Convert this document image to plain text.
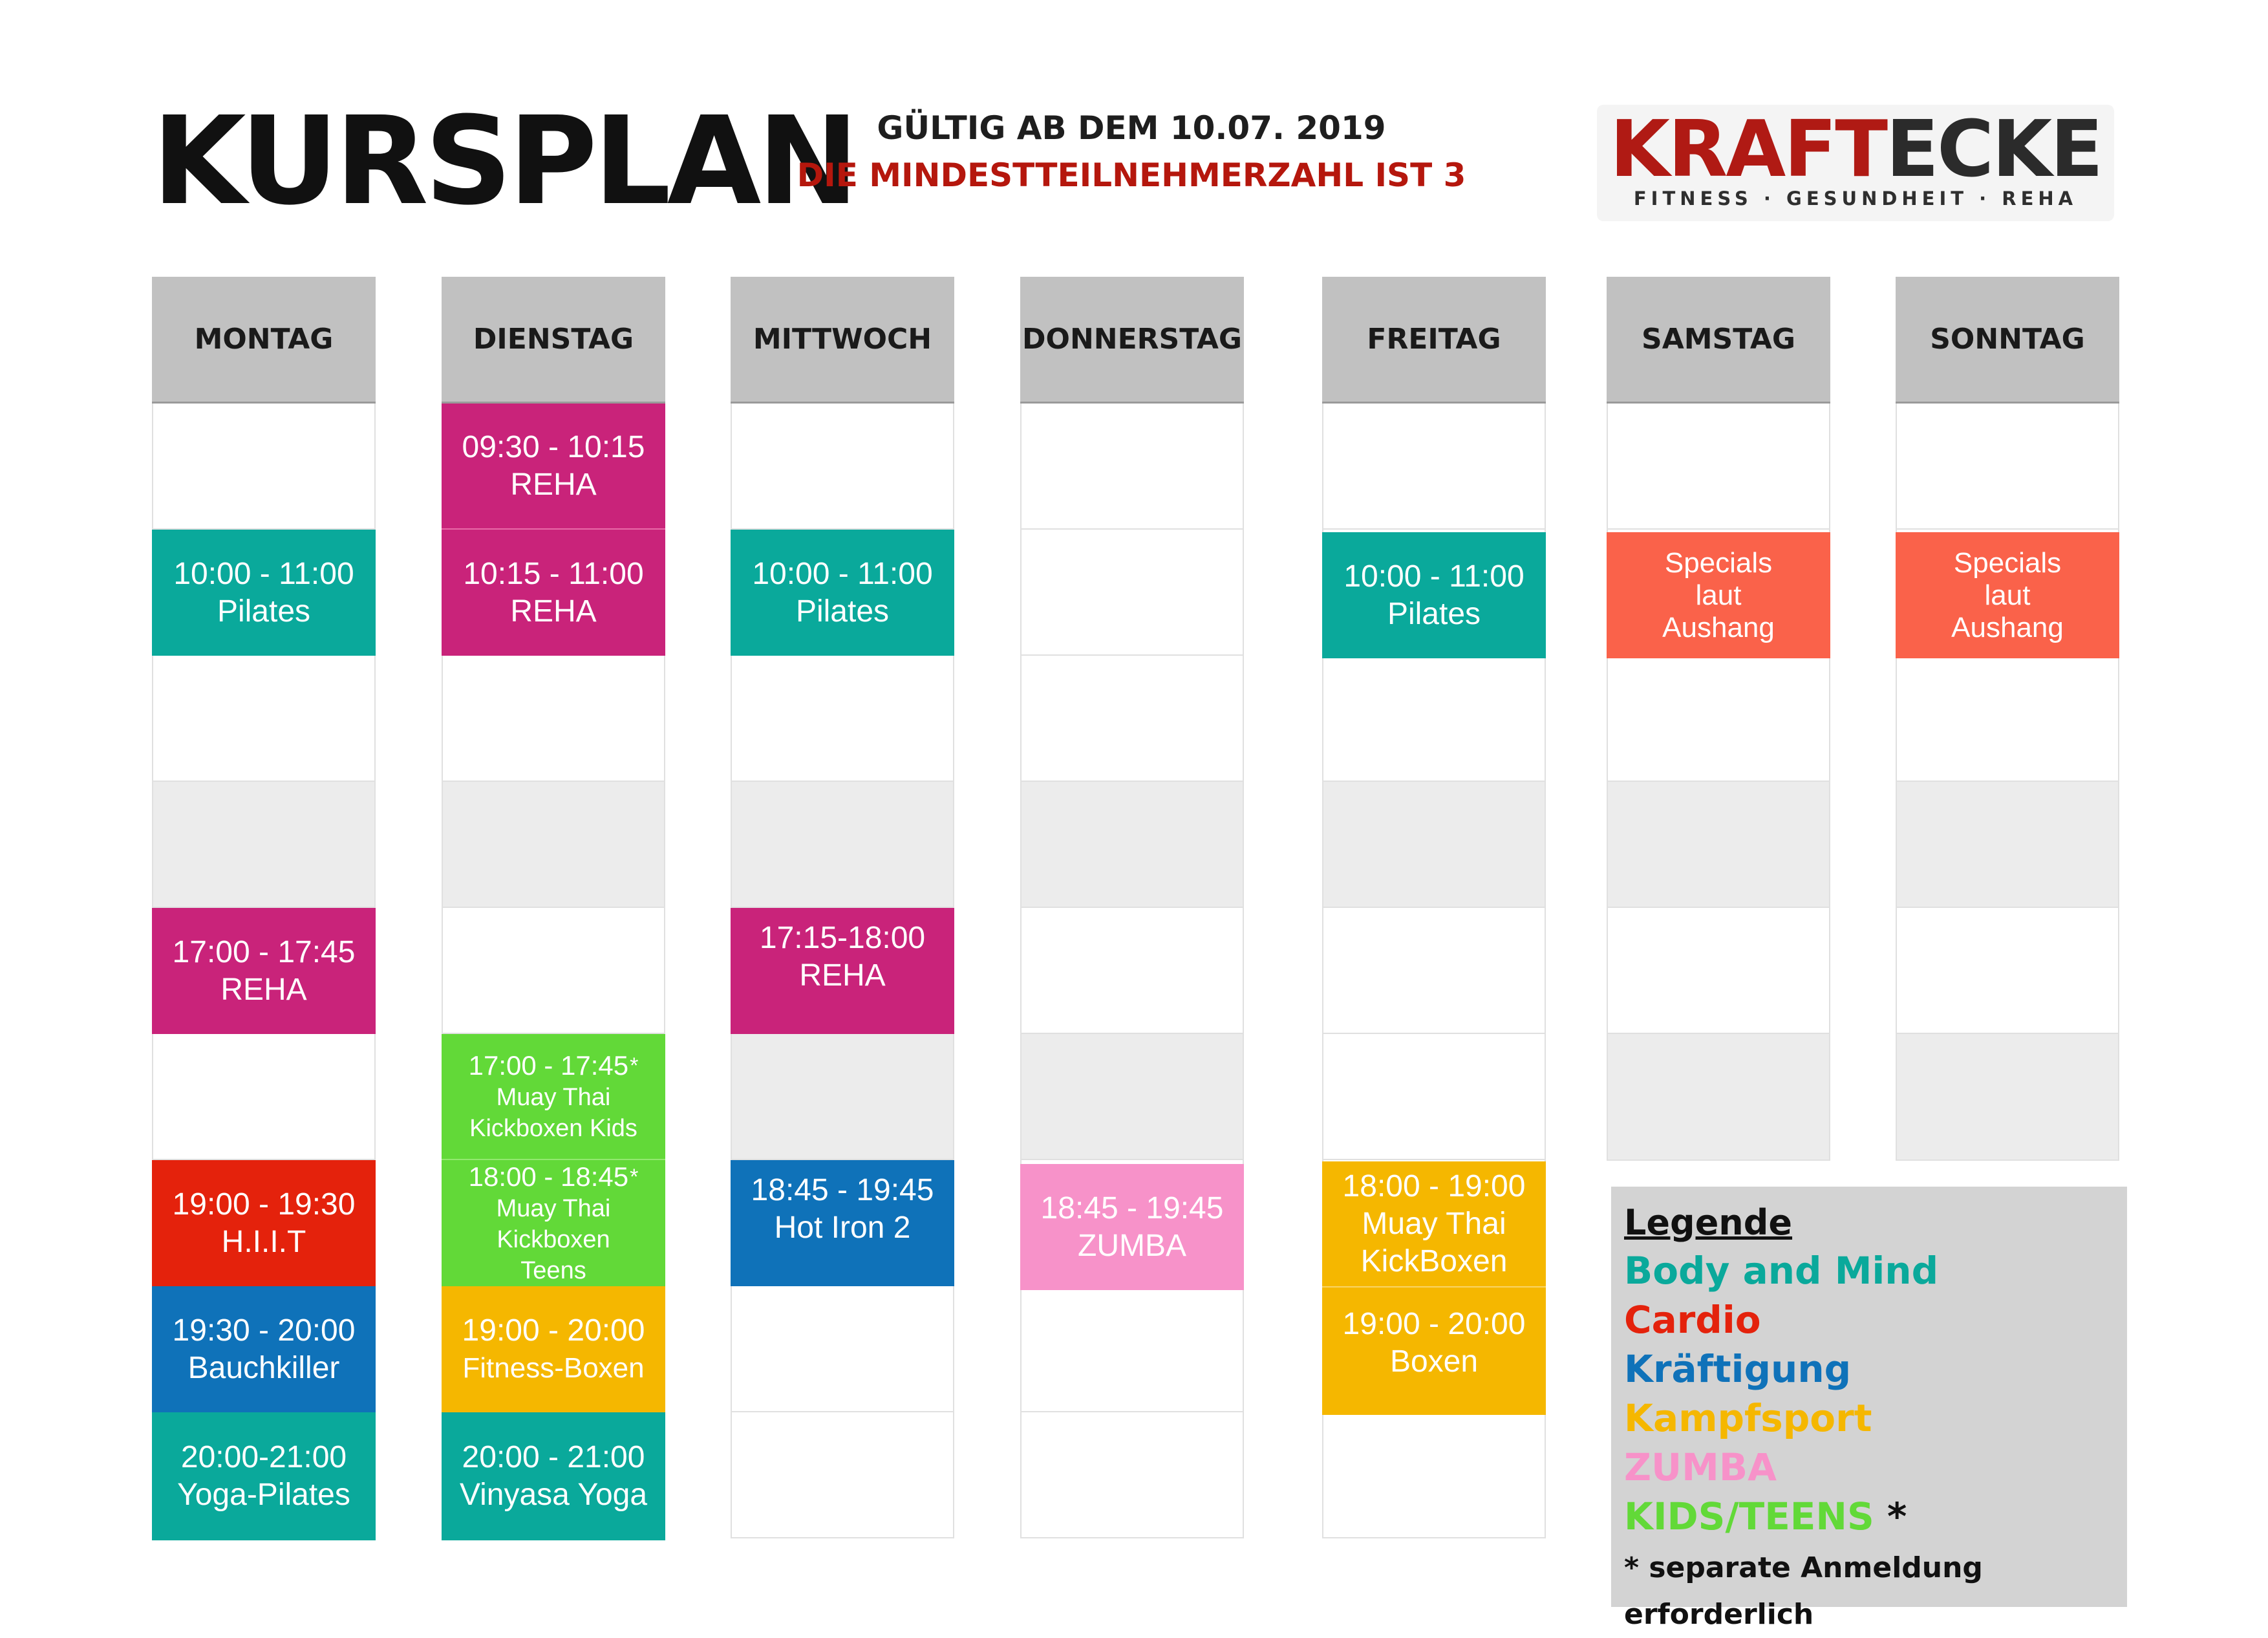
KURSPLAN GÜLTIG AB DEM 10.07. 2019
DIE MINDESTTEILNEHMERZAHL IST 3 KRAFTECKE
FITNESS · GESUNDHEIT · REHA
MONTAG
10:00 - 11:00
Pilates
17:00 - 17:45
REHA
19:00 - 19:30
H.I.I.T
19:30 - 20:00
Bauchkiller
20:00-21:00
Yoga-Pilates
DIENSTAG
09:30 - 10:15
REHA
10:15 - 11:00
REHA
17:00 - 17:45*
Muay Thai Kickboxen Kids
18:00 - 18:45*
Muay Thai Kickboxen Teens
19:00 - 20:00
Fitness-Boxen
20:00 - 21:00
Vinyasa Yoga
MITTWOCH
10:00 - 11:00
Pilates
17:15-18:00
REHA
18:45 - 19:45
Hot Iron 2
DONNERSTAG
18:45 - 19:45
ZUMBA
FREITAG
10:00 - 11:00
Pilates
18:00 - 19:00
Muay Thai KickBoxen
19:00 - 20:00
Boxen
SAMSTAG
Specials laut Aushang
SONNTAG
Specials laut Aushang
Legende
Body and Mind
Cardio
Kräftigung
Kampfsport
ZUMBA
KIDS/TEENS *
* separate Anmeldung erforderlich
